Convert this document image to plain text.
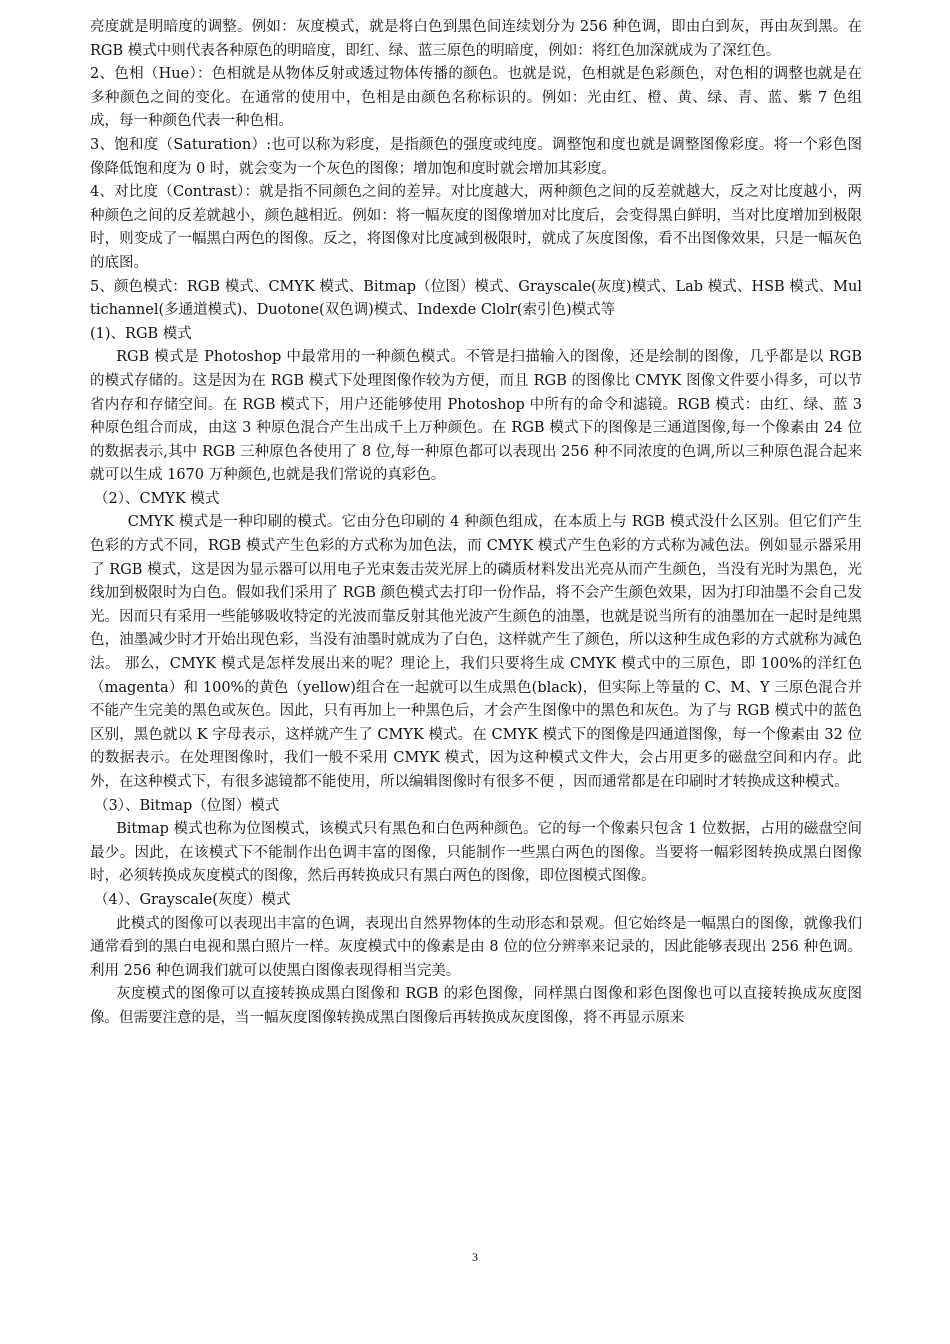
亮度就是明暗度的调整。例如：灰度模式，就是将白色到黑色间连续划分为 256 种色调，即由白到灰，再由灰到黑。在 RGB 模式中则代表各种原色的明暗度，即红、绿、蓝三原色的明暗度，例如：将红色加深就成为了深红色。

2、色相（Hue）：色相就是从物体反射或透过物体传播的颜色。也就是说，色相就是色彩颜色，对色相的调整也就是在多种颜色之间的变化。在通常的使用中，色相是由颜色名称标识的。例如：光由红、橙、黄、绿、青、蓝、紫 7 色组成，每一种颜色代表一种色相。

3、饱和度（Saturation）:也可以称为彩度，是指颜色的强度或纯度。调整饱和度也就是调整图像彩度。将一个彩色图像降低饱和度为 0 时，就会变为一个灰色的图像；增加饱和度时就会增加其彩度。

4、对比度（Contrast）：就是指不同颜色之间的差异。对比度越大，两种颜色之间的反差就越大，反之对比度越小，两种颜色之间的反差就越小，颜色越相近。例如：将一幅灰度的图像增加对比度后，会变得黑白鲜明，当对比度增加到极限时，则变成了一幅黑白两色的图像。反之，将图像对比度减到极限时，就成了灰度图像，看不出图像效果，只是一幅灰色的底图。

5、颜色模式：RGB 模式、CMYK 模式、Bitmap（位图）模式、Grayscale(灰度)模式、Lab 模式、HSB 模式、Multichannel(多通道模式)、Duotone(双色调)模式、Indexde Clolr(索引色)模式等

(1)、RGB 模式

RGB 模式是 Photoshop 中最常用的一种颜色模式。不管是扫描输入的图像，还是绘制的图像，几乎都是以 RGB 的模式存储的。这是因为在 RGB 模式下处理图像作较为方便，而且 RGB 的图像比 CMYK 图像文件要小得多，可以节省内存和存储空间。在 RGB 模式下，用户还能够使用 Photoshop 中所有的命令和滤镜。RGB 模式：由红、绿、蓝 3 种原色组合而成，由这 3 种原色混合产生出成千上万种颜色。在 RGB 模式下的图像是三通道图像,每一个像素由 24 位的数据表示,其中 RGB 三种原色各使用了 8 位,每一种原色都可以表现出 256 种不同浓度的色调,所以三种原色混合起来就可以生成 1670 万种颜色,也就是我们常说的真彩色。

（2）、CMYK 模式

CMYK 模式是一种印刷的模式。它由分色印刷的 4 种颜色组成，在本质上与 RGB 模式没什么区别。但它们产生色彩的方式不同，RGB 模式产生色彩的方式称为加色法，而 CMYK 模式产生色彩的方式称为减色法。例如显示器采用了 RGB 模式，这是因为显示器可以用电子光束轰击荧光屏上的磷质材料发出光亮从而产生颜色，当没有光时为黑色，光线加到极限时为白色。假如我们采用了 RGB 颜色模式去打印一份作品，将不会产生颜色效果，因为打印油墨不会自己发光。因而只有采用一些能够吸收特定的光波而靠反射其他光波产生颜色的油墨，也就是说当所有的油墨加在一起时是纯黑色，油墨减少时才开始出现色彩，当没有油墨时就成为了白色，这样就产生了颜色，所以这种生成色彩的方式就称为减色法。 那么，CMYK 模式是怎样发展出来的呢？理论上，我们只要将生成 CMYK 模式中的三原色，即 100%的洋红色（magenta）和 100%的黄色（yellow)组合在一起就可以生成黑色(black)，但实际上等量的 C、M、Y 三原色混合并不能产生完美的黑色或灰色。因此，只有再加上一种黑色后，才会产生图像中的黑色和灰色。为了与 RGB 模式中的蓝色区别，黑色就以 K 字母表示，这样就产生了 CMYK 模式。在 CMYK 模式下的图像是四通道图像，每一个像素由 32 位的数据表示。在处理图像时，我们一般不采用 CMYK 模式，因为这种模式文件大，会占用更多的磁盘空间和内存。此外，在这种模式下，有很多滤镜都不能使用，所以编辑图像时有很多不便 ，因而通常都是在印刷时才转换成这种模式。

（3）、Bitmap（位图）模式

Bitmap 模式也称为位图模式，该模式只有黑色和白色两种颜色。它的每一个像素只包含 1 位数据，占用的磁盘空间最少。因此，在该模式下不能制作出色调丰富的图像，只能制作一些黑白两色的图像。当要将一幅彩图转换成黑白图像时，必须转换成灰度模式的图像，然后再转换成只有黑白两色的图像，即位图模式图像。

（4）、Grayscale(灰度）模式

此模式的图像可以表现出丰富的色调，表现出自然界物体的生动形态和景观。但它始终是一幅黑白的图像，就像我们通常看到的黑白电视和黑白照片一样。灰度模式中的像素是由 8 位的位分辨率来记录的，因此能够表现出 256 种色调。利用 256 种色调我们就可以使黑白图像表现得相当完美。

灰度模式的图像可以直接转换成黑白图像和 RGB 的彩色图像，同样黑白图像和彩色图像也可以直接转换成灰度图像。但需要注意的是，当一幅灰度图像转换成黑白图像后再转换成灰度图像，将不再显示原来

3
